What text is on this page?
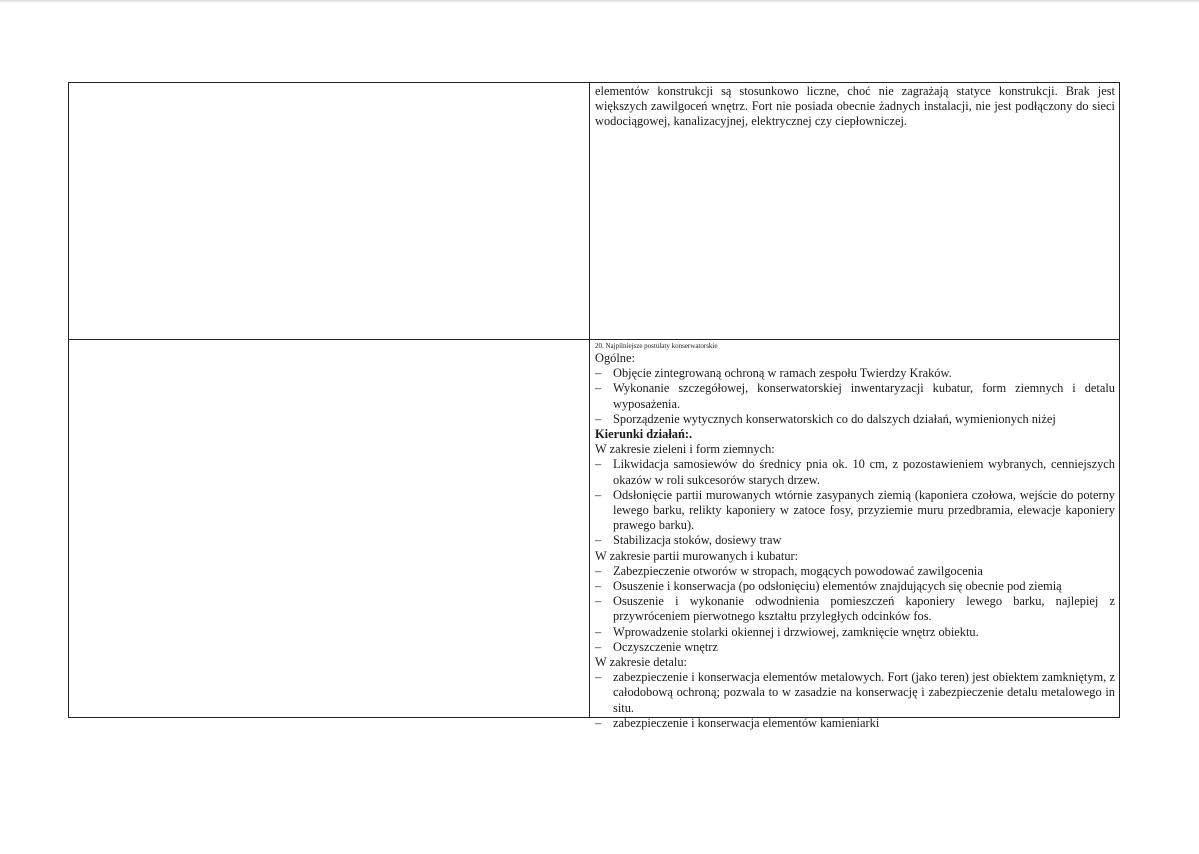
elementów konstrukcji są stosunkowo liczne, choć nie zagrażają statyce konstrukcji. Brak jest większych zawilgoceń wnętrz. Fort nie posiada obecnie żadnych instalacji, nie jest podłączony do sieci wodociągowej, kanalizacyjnej, elektrycznej czy ciepłowniczej.

20. Najpilniejsze postulaty konserwatorskie

Ogólne:

– Objęcie zintegrowaną ochroną w ramach zespołu Twierdzy Kraków.
– Wykonanie szczegółowej, konserwatorskiej inwentaryzacji kubatur, form ziemnych i detalu wyposażenia.
– Sporządzenie wytycznych konserwatorskich co do dalszych działań, wymienionych niżej

Kierunki działań:.

W zakresie zieleni i form ziemnych:

– Likwidacja samosiewów do średnicy pnia ok. 10 cm, z pozostawieniem wybranych, cenniejszych okazów w roli sukcesorów starych drzew.
– Odsłonięcie partii murowanych wtórnie zasypanych ziemią (kaponiera czołowa, wejście do poterny lewego barku, relikty kaponiery w zatoce fosy, przyziemie muru przedbramia, elewacje kaponiery prawego barku).
– Stabilizacja stoków, dosiewy traw

W zakresie partii murowanych i kubatur:

– Zabezpieczenie otworów w stropach, mogących powodować zawilgocenia
– Osuszenie i konserwacja (po odsłonięciu) elementów znajdujących się obecnie pod ziemią
– Osuszenie i wykonanie odwodnienia pomieszczeń kaponiery lewego barku, najlepiej z przywróceniem pierwotnego kształtu przyległych odcinków fos.
– Wprowadzenie stolarki okiennej i drzwiowej, zamknięcie wnętrz obiektu.
– Oczyszczenie wnętrz

W zakresie detalu:

– zabezpieczenie i konserwacja elementów metalowych. Fort (jako teren) jest obiektem zamkniętym, z całodobową ochroną; pozwala to w zasadzie na konserwację i zabezpieczenie detalu metalowego in situ.
– zabezpieczenie i konserwacja elementów kamieniarki
